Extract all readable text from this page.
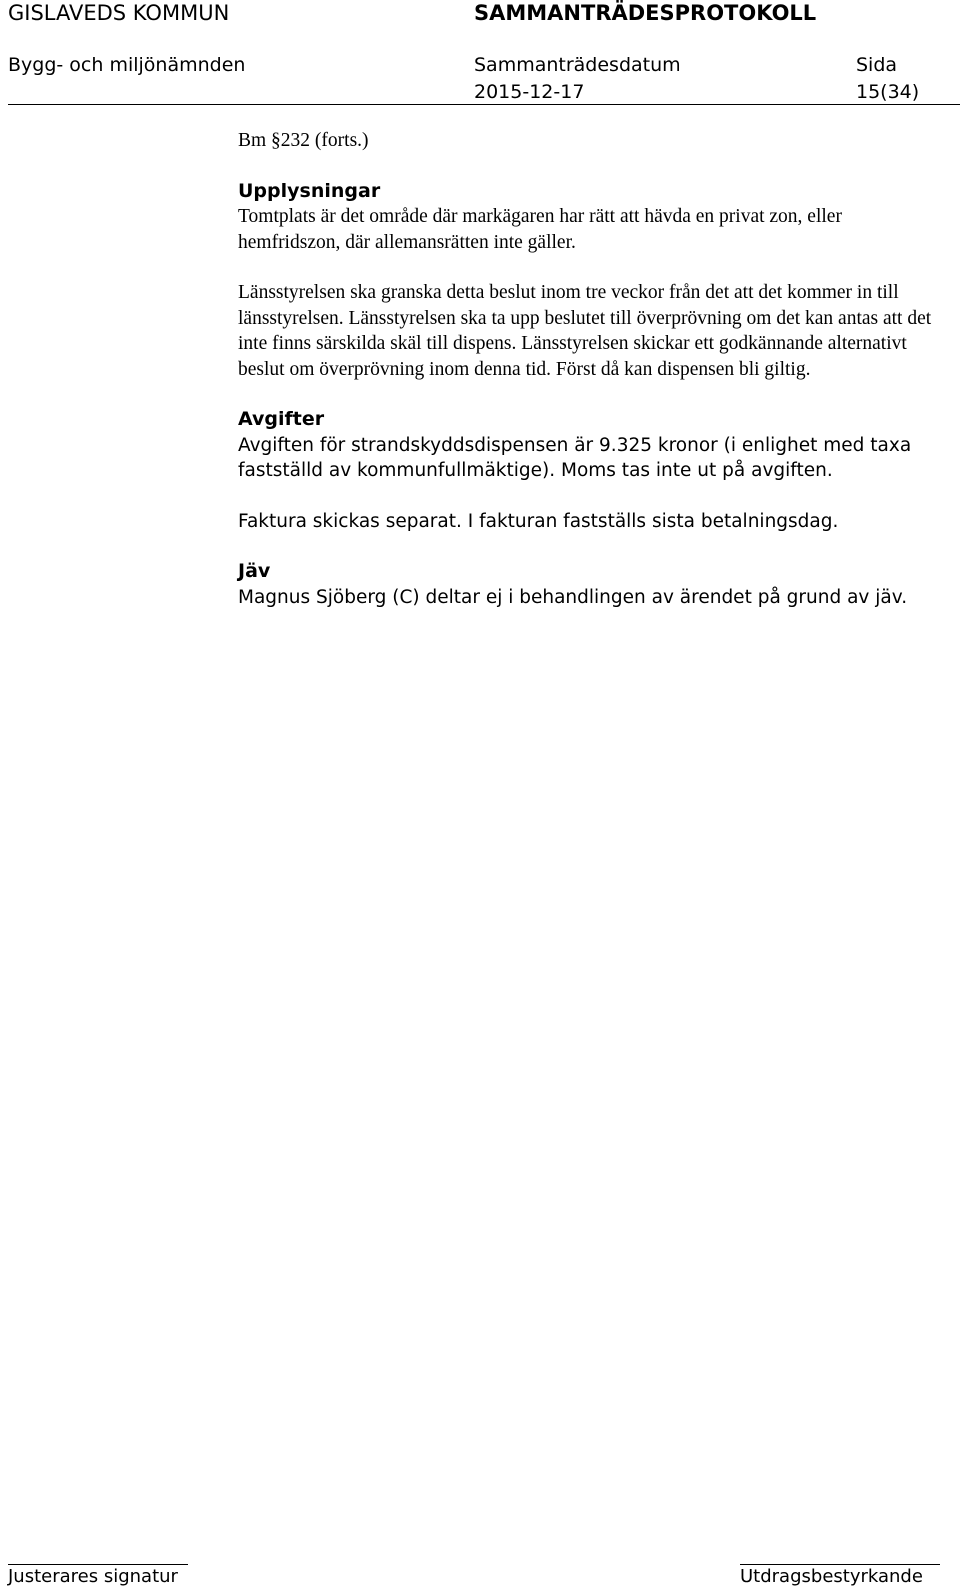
GISLAVEDS KOMMUN	SAMMANTRÄDESPROTOKOLL
Bygg- och miljönämnden	Sammanträdesdatum	Sida
2015-12-17	15(34)

Bm §232 (forts.)

Upplysningar

Tomtplats är det område där markägaren har rätt att hävda en privat zon, eller hemfridszon, där allemansrätten inte gäller.

Länsstyrelsen ska granska detta beslut inom tre veckor från det att det kommer in till länsstyrelsen. Länsstyrelsen ska ta upp beslutet till överprövning om det kan antas att det inte finns särskilda skäl till dispens. Länsstyrelsen skickar ett godkännande alternativt beslut om överprövning inom denna tid. Först då kan dispensen bli giltig.

Avgifter

Avgiften för strandskyddsdispensen är 9.325 kronor (i enlighet med taxa fastställd av kommunfullmäktige). Moms tas inte ut på avgiften.

Faktura skickas separat. I fakturan fastställs sista betalningsdag.

Jäv

Magnus Sjöberg (C) deltar ej i behandlingen av ärendet på grund av jäv.

Justerares signatur	Utdragsbestyrkande
